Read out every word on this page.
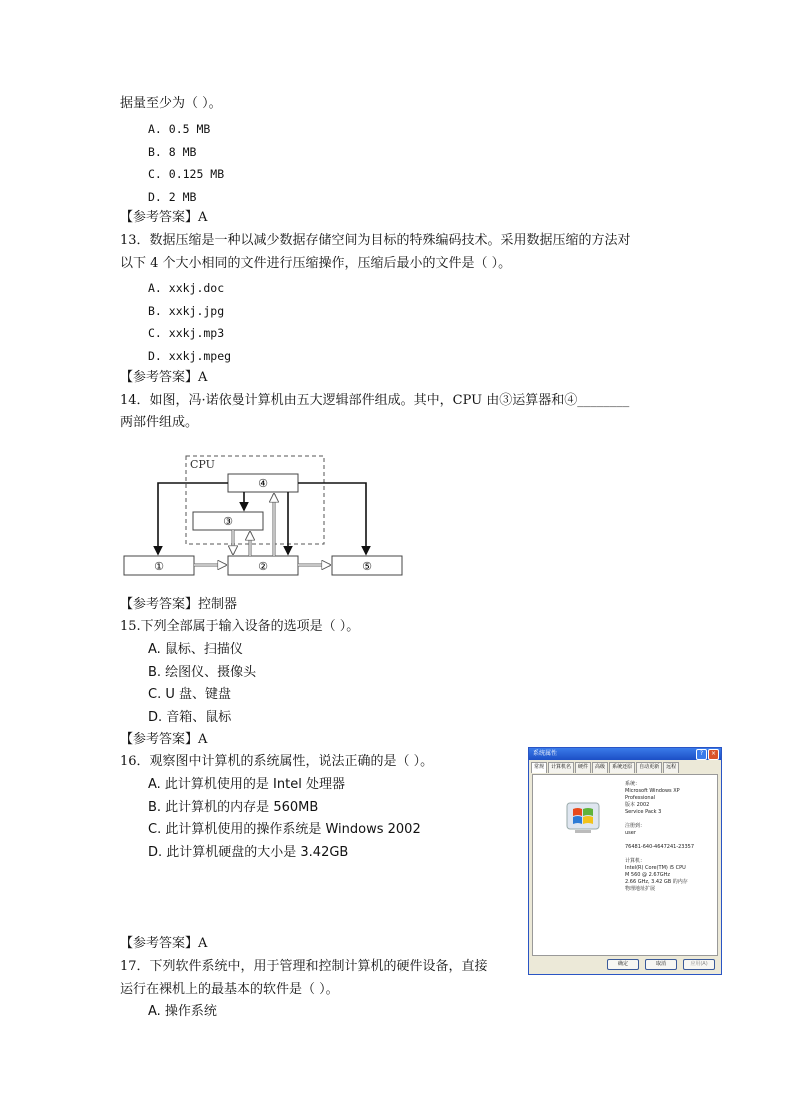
据量至少为（ ）。
A. 0.5 MB
B. 8 MB
C. 0.125 MB
D. 2 MB
【参考答案】A
13．数据压缩是一种以减少数据存储空间为目标的特殊编码技术。采用数据压缩的方法对
以下 4 个大小相同的文件进行压缩操作，压缩后最小的文件是（ ）。
A. xxkj.doc
B. xxkj.jpg
C. xxkj.mp3
D. xxkj.mpeg
【参考答案】A
14．如图，冯·诺依曼计算机由五大逻辑部件组成。其中，CPU 由③运算器和④________
两部件组成。
CPU
④
③
①	②	⑤
【参考答案】控制器
15.下列全部属于输入设备的选项是（ ）。
A. 鼠标、扫描仪
B. 绘图仪、摄像头
C. U 盘、键盘
D. 音箱、鼠标
【参考答案】A
16．观察图中计算机的系统属性，说法正确的是（ ）。
A. 此计算机使用的是 Intel 处理器
B. 此计算机的内存是 560MB
C. 此计算机使用的操作系统是 Windows 2002
D. 此计算机硬盘的大小是 3.42GB
【参考答案】A
系统属性	?	×
常规	计算机名	硬件	高级	系统还原	自动更新	远程
系统：
Microsoft Windows XP
Professional
版本 2002
Service Pack 3

注册到：
user

76481-640-4647241-23357

计算机：
Intel(R) Core(TM) i5 CPU
M 560 @ 2.67GHz
2.66 GHz, 3.42 GB 的内存
物理地址扩展
确定	取消	应用(A)
17．下列软件系统中，用于管理和控制计算机的硬件设备，直接
运行在裸机上的最基本的软件是（ ）。
A. 操作系统
